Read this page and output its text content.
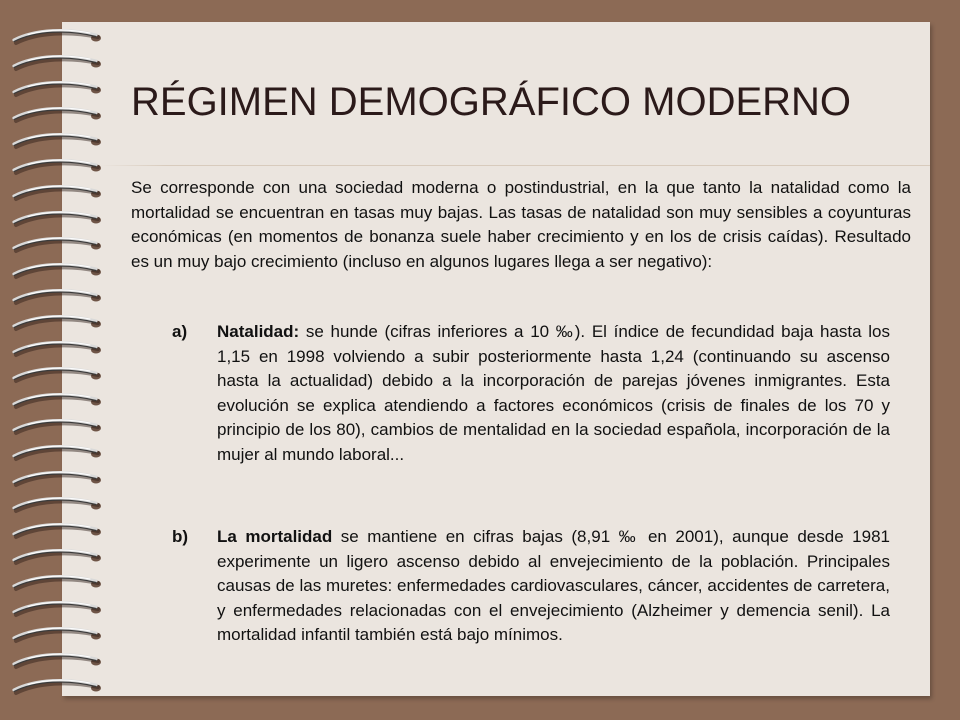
RÉGIMEN DEMOGRÁFICO MODERNO

Se corresponde con una sociedad moderna o postindustrial, en la que tanto la natalidad como la mortalidad se encuentran en tasas muy bajas. Las tasas de natalidad son muy sensibles a coyunturas económicas (en momentos de bonanza suele haber crecimiento y en los de crisis caídas). Resultado es un muy bajo crecimiento (incluso en algunos lugares llega a ser negativo):

a) Natalidad: se hunde (cifras inferiores a 10 ‰). El índice de fecundidad baja hasta los 1,15 en 1998 volviendo a subir posteriormente hasta 1,24 (continuando su ascenso hasta la actualidad) debido a la incorporación de parejas jóvenes inmigrantes. Esta evolución se explica atendiendo a factores económicos (crisis de finales de los 70 y principio de los 80), cambios de mentalidad en la sociedad española, incorporación de la mujer al mundo laboral...

b) La mortalidad se mantiene en cifras bajas (8,91 ‰ en 2001), aunque desde 1981 experimente un ligero ascenso debido al envejecimiento de la población. Principales causas de las muretes: enfermedades cardiovasculares, cáncer, accidentes de carretera, y enfermedades relacionadas con el envejecimiento (Alzheimer y demencia senil). La mortalidad infantil también está bajo mínimos.
